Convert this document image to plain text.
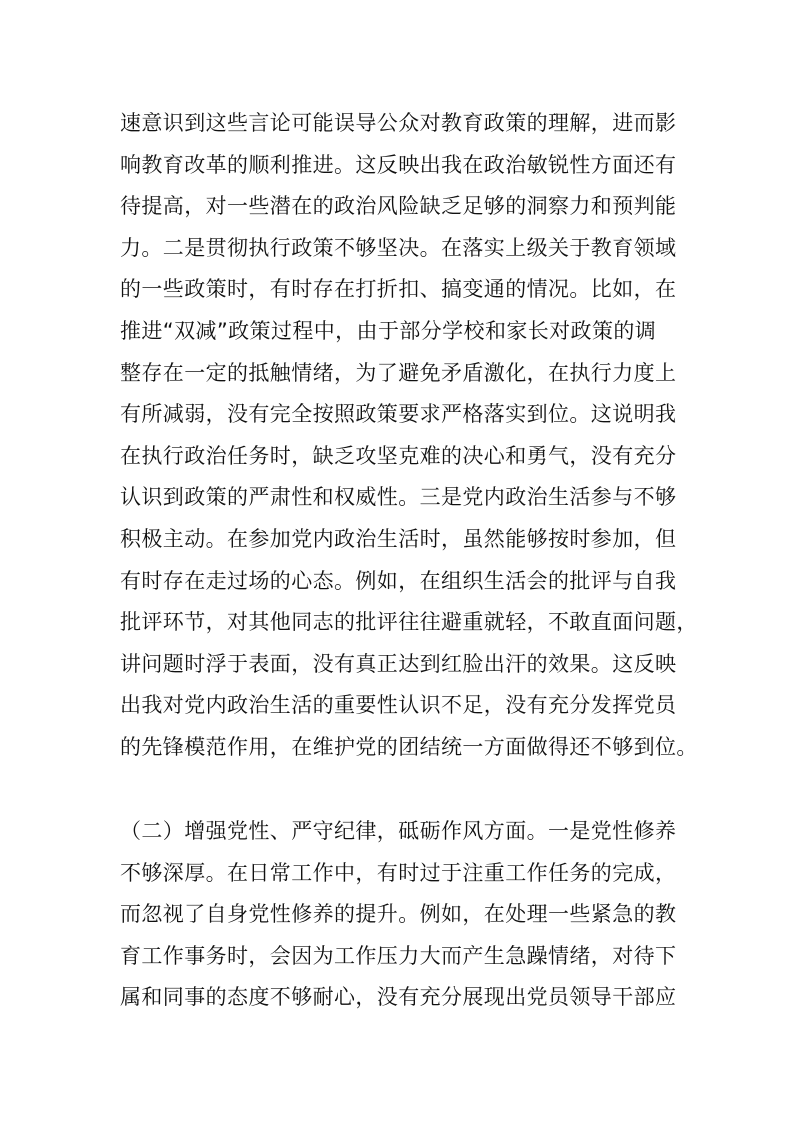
速意识到这些言论可能误导公众对教育政策的理解，进而影
响教育改革的顺利推进。这反映出我在政治敏锐性方面还有
待提高，对一些潜在的政治风险缺乏足够的洞察力和预判能
力。二是贯彻执行政策不够坚决。在落实上级关于教育领域
的一些政策时，有时存在打折扣、搞变通的情况。比如，在
推进“双减”政策过程中，由于部分学校和家长对政策的调
整存在一定的抵触情绪，为了避免矛盾激化，在执行力度上
有所减弱，没有完全按照政策要求严格落实到位。这说明我
在执行政治任务时，缺乏攻坚克难的决心和勇气，没有充分
认识到政策的严肃性和权威性。三是党内政治生活参与不够
积极主动。在参加党内政治生活时，虽然能够按时参加，但
有时存在走过场的心态。例如，在组织生活会的批评与自我
批评环节，对其他同志的批评往往避重就轻，不敢直面问题，
讲问题时浮于表面，没有真正达到红脸出汗的效果。这反映
出我对党内政治生活的重要性认识不足，没有充分发挥党员
的先锋模范作用，在维护党的团结统一方面做得还不够到位。
（二）增强党性、严守纪律，砥砺作风方面。一是党性修养
不够深厚。在日常工作中，有时过于注重工作任务的完成，
而忽视了自身党性修养的提升。例如，在处理一些紧急的教
育工作事务时，会因为工作压力大而产生急躁情绪，对待下
属和同事的态度不够耐心，没有充分展现出党员领导干部应
